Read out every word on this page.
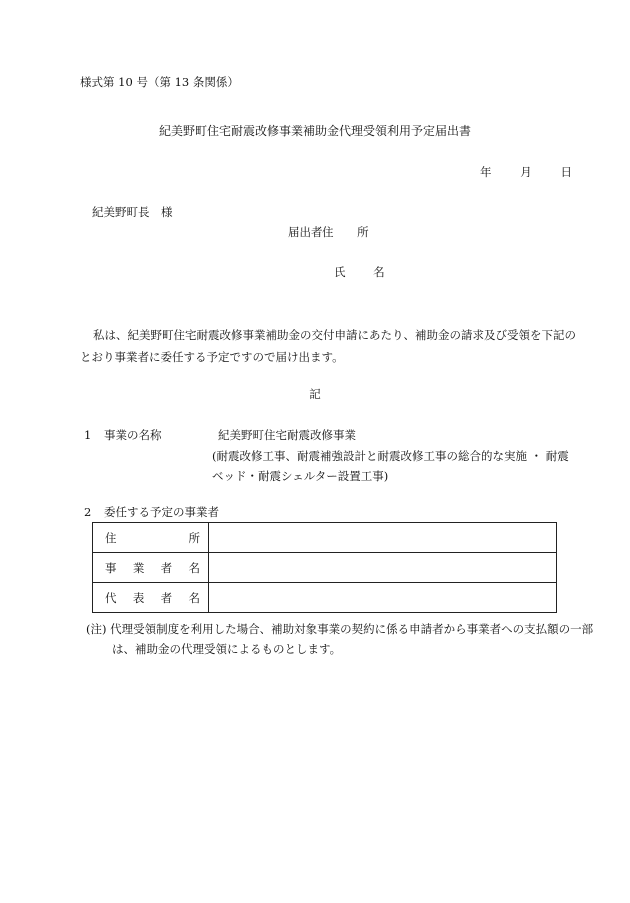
様式第 10 号（第 13 条関係）
紀美野町住宅耐震改修事業補助金代理受領利用予定届出書
年	月	日
紀美野町長　様
届出者 住 所
氏 名
私は、紀美野町住宅耐震改修事業補助金の交付申請にあたり、補助金の請求及び受領を下記のとおり事業者に委任する予定ですので届け出ます。
記
1 事業の名称	紀美野町住宅耐震改修事業
(耐震改修工事、耐震補強設計と耐震改修工事の総合的な実施 ・ 耐震ベッド・耐震シェルター設置工事)
2 委任する予定の事業者
住 所	

事 業 者 名	

代 表 者 名	

(注) 代理受領制度を利用した場合、補助対象事業の契約に係る申請者から事業者への支払額の一部は、補助金の代理受領によるものとします。
